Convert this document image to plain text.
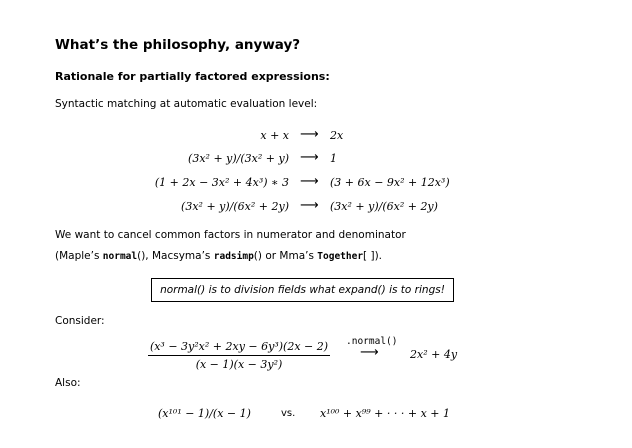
What’s the philosophy, anyway?
Rationale for partially factored expressions:
Syntactic matching at automatic evaluation level:
x + x ⟶ 2x
(3x² + y)/(3x² + y) ⟶ 1
(1 + 2x − 3x² + 4x³) ∗ 3 ⟶ (3 + 6x − 9x² + 12x³)
(3x² + y)/(6x² + 2y) ⟶ (3x² + y)/(6x² + 2y)
We want to cancel common factors in numerator and denominator
(Maple’s normal(), Macsyma’s radsimp() or Mma’s Together[ ]).
normal() is to division fields what expand() is to rings!
Consider:
(x³ − 3y²x² + 2xy − 6y³)(2x − 2)
(x − 1)(x − 3y²)
.normal()
⟶	2x² + 4y
Also:
(x¹⁰¹ − 1)/(x − 1)	vs. x¹⁰⁰ + x⁹⁹ + · · · + x + 1
